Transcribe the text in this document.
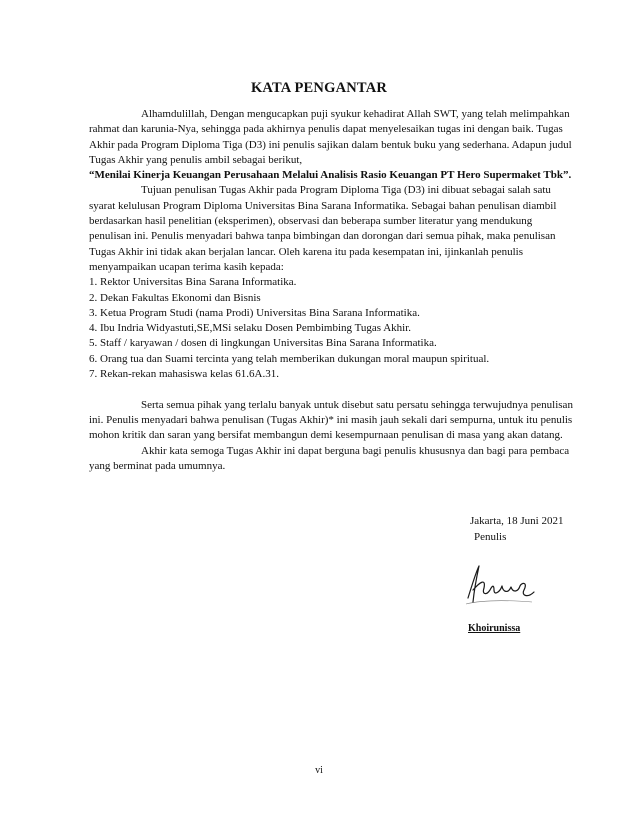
KATA PENGANTAR

Alhamdulillah, Dengan mengucapkan puji syukur kehadirat Allah SWT, yang telah melimpahkan rahmat dan karunia-Nya, sehingga pada akhirnya penulis dapat menyelesaikan tugas ini dengan baik. Tugas Akhir pada Program Diploma Tiga (D3) ini penulis sajikan dalam bentuk buku yang sederhana. Adapun judul Tugas Akhir yang penulis ambil sebagai berikut,
“Menilai Kinerja Keuangan Perusahaan Melalui Analisis Rasio Keuangan PT Hero Supermaket Tbk”.

Tujuan penulisan Tugas Akhir pada Program Diploma Tiga (D3) ini dibuat sebagai salah satu syarat kelulusan Program Diploma Universitas Bina Sarana Informatika. Sebagai bahan penulisan diambil berdasarkan hasil penelitian (eksperimen), observasi dan beberapa sumber literatur yang mendukung penulisan ini. Penulis menyadari bahwa tanpa bimbingan dan dorongan dari semua pihak, maka penulisan Tugas Akhir ini tidak akan berjalan lancar. Oleh karena itu pada kesempatan ini, ijinkanlah penulis menyampaikan ucapan terima kasih kepada:

1. Rektor Universitas Bina Sarana Informatika.
2. Dekan Fakultas Ekonomi dan Bisnis
3. Ketua Program Studi (nama Prodi) Universitas Bina Sarana Informatika.
4. Ibu Indria Widyastuti,SE,MSi selaku Dosen Pembimbing Tugas Akhir.
5. Staff / karyawan / dosen di lingkungan Universitas Bina Sarana Informatika.
6. Orang tua dan Suami tercinta yang telah memberikan dukungan moral maupun spiritual.
7. Rekan-rekan mahasiswa kelas 61.6A.31.

Serta semua pihak yang terlalu banyak untuk disebut satu persatu sehingga terwujudnya penulisan ini. Penulis menyadari bahwa penulisan (Tugas Akhir)* ini masih jauh sekali dari sempurna, untuk itu penulis mohon kritik dan saran yang bersifat membangun demi kesempurnaan penulisan di masa yang akan datang.

Akhir kata semoga Tugas Akhir ini dapat berguna bagi penulis khususnya dan bagi para pembaca yang berminat pada umumnya.

Jakarta, 18 Juni 2021
Penulis
Khoirunissa
vi
